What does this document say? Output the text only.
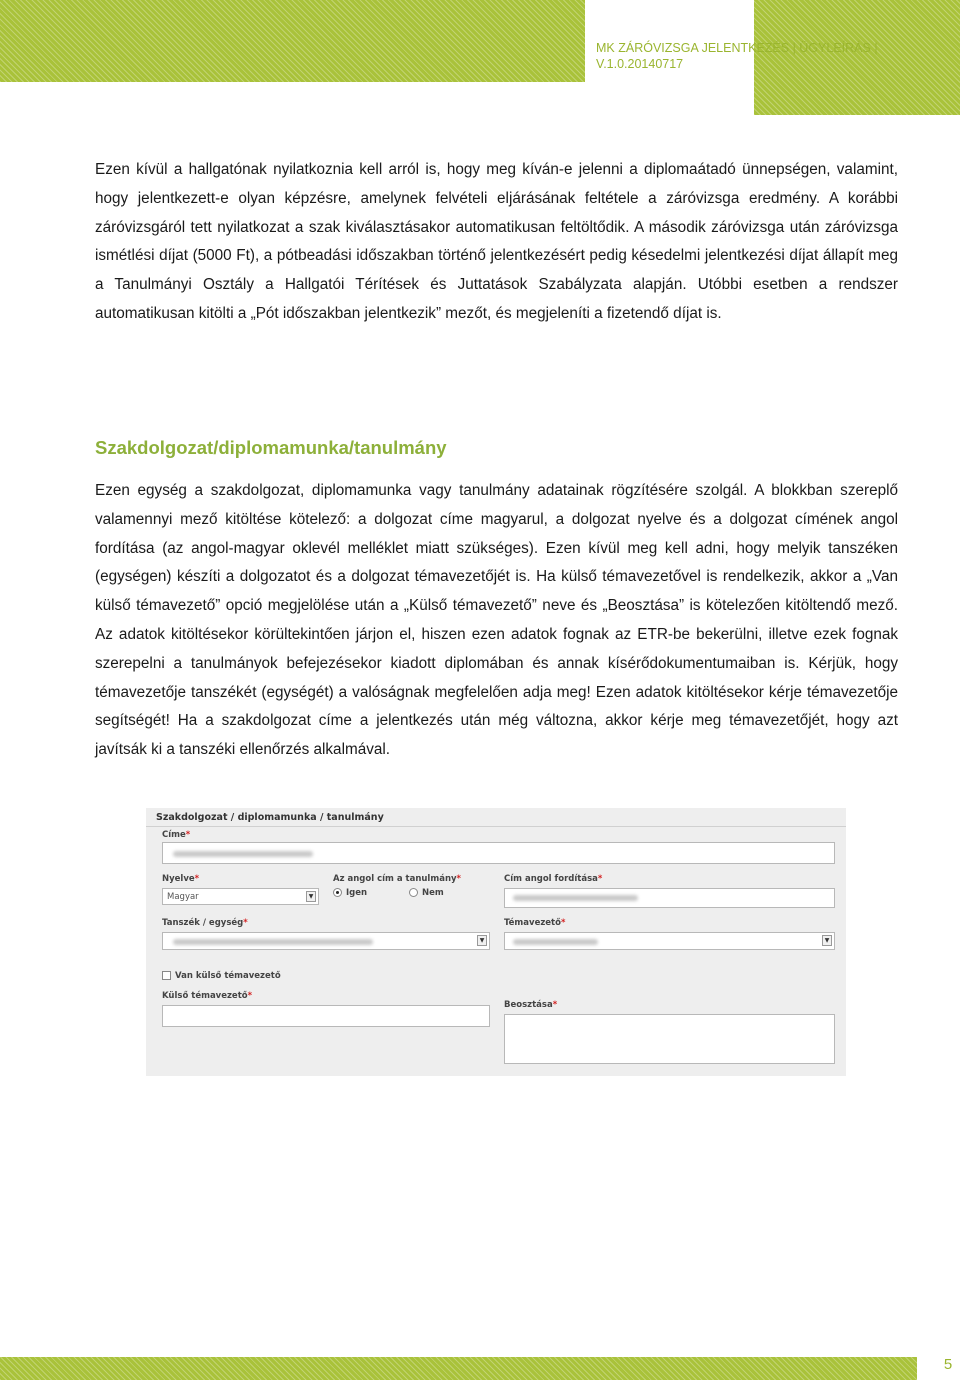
MK ZÁRÓVIZSGA JELENTKEZÉS | ÜGYLEÍRÁS |
V.1.0.20140717

Ezen kívül a hallgatónak nyilatkoznia kell arról is, hogy meg kíván-e jelenni a diplomaátadó ünnepségen, valamint, hogy jelentkezett-e olyan képzésre, amelynek felvételi eljárásának feltétele a záróvizsga eredmény. A korábbi záróvizsgáról tett nyilatkozat a szak kiválasztásakor automatikusan feltöltődik. A második záróvizsga után záróvizsga ismétlési díjat (5000 Ft), a pótbeadási időszakban történő jelentkezésért pedig késedelmi jelentkezési díjat állapít meg a Tanulmányi Osztály a Hallgatói Térítések és Juttatások Szabályzata alapján. Utóbbi esetben a rendszer automatikusan kitölti a „Pót időszakban jelentkezik” mezőt, és megjeleníti a fizetendő díjat is.

Szakdolgozat/diplomamunka/tanulmány

Ezen egység a szakdolgozat, diplomamunka vagy tanulmány adatainak rögzítésére szolgál. A blokkban szereplő valamennyi mező kitöltése kötelező: a dolgozat címe magyarul, a dolgozat nyelve és a dolgozat címének angol fordítása (az angol-magyar oklevél melléklet miatt szükséges). Ezen kívül meg kell adni, hogy melyik tanszéken (egységen) készíti a dolgozatot és a dolgozat témavezetőjét is. Ha külső témavezetővel is rendelkezik, akkor a „Van külső témavezető” opció megjelölése után a „Külső témavezető” neve és „Beosztása” is kötelezően kitöltendő mező. Az adatok kitöltésekor körültekintően járjon el, hiszen ezen adatok fognak az ETR-be bekerülni, illetve ezek fognak szerepelni a tanulmányok befejezésekor kiadott diplomában és annak kísérődokumentumaiban is. Kérjük, hogy témavezetője tanszékét (egységét) a valóságnak megfelelően adja meg! Ezen adatok kitöltésekor kérje témavezetője segítségét! Ha a szakdolgozat címe a jelentkezés után még változna, akkor kérje meg témavezetőjét, hogy azt javítsák ki a tanszéki ellenőrzés alkalmával.

Szakdolgozat / diplomamunka / tanulmány
Címe*
Nyelve*
Magyar	▼
Az angol cím a tanulmány*
Igen	Nem
Cím angol fordítása*
Tanszék / egység*
▼
Témavezető*
▼
Van külső témavezető
Külső témavezető*
Beosztása*
5
